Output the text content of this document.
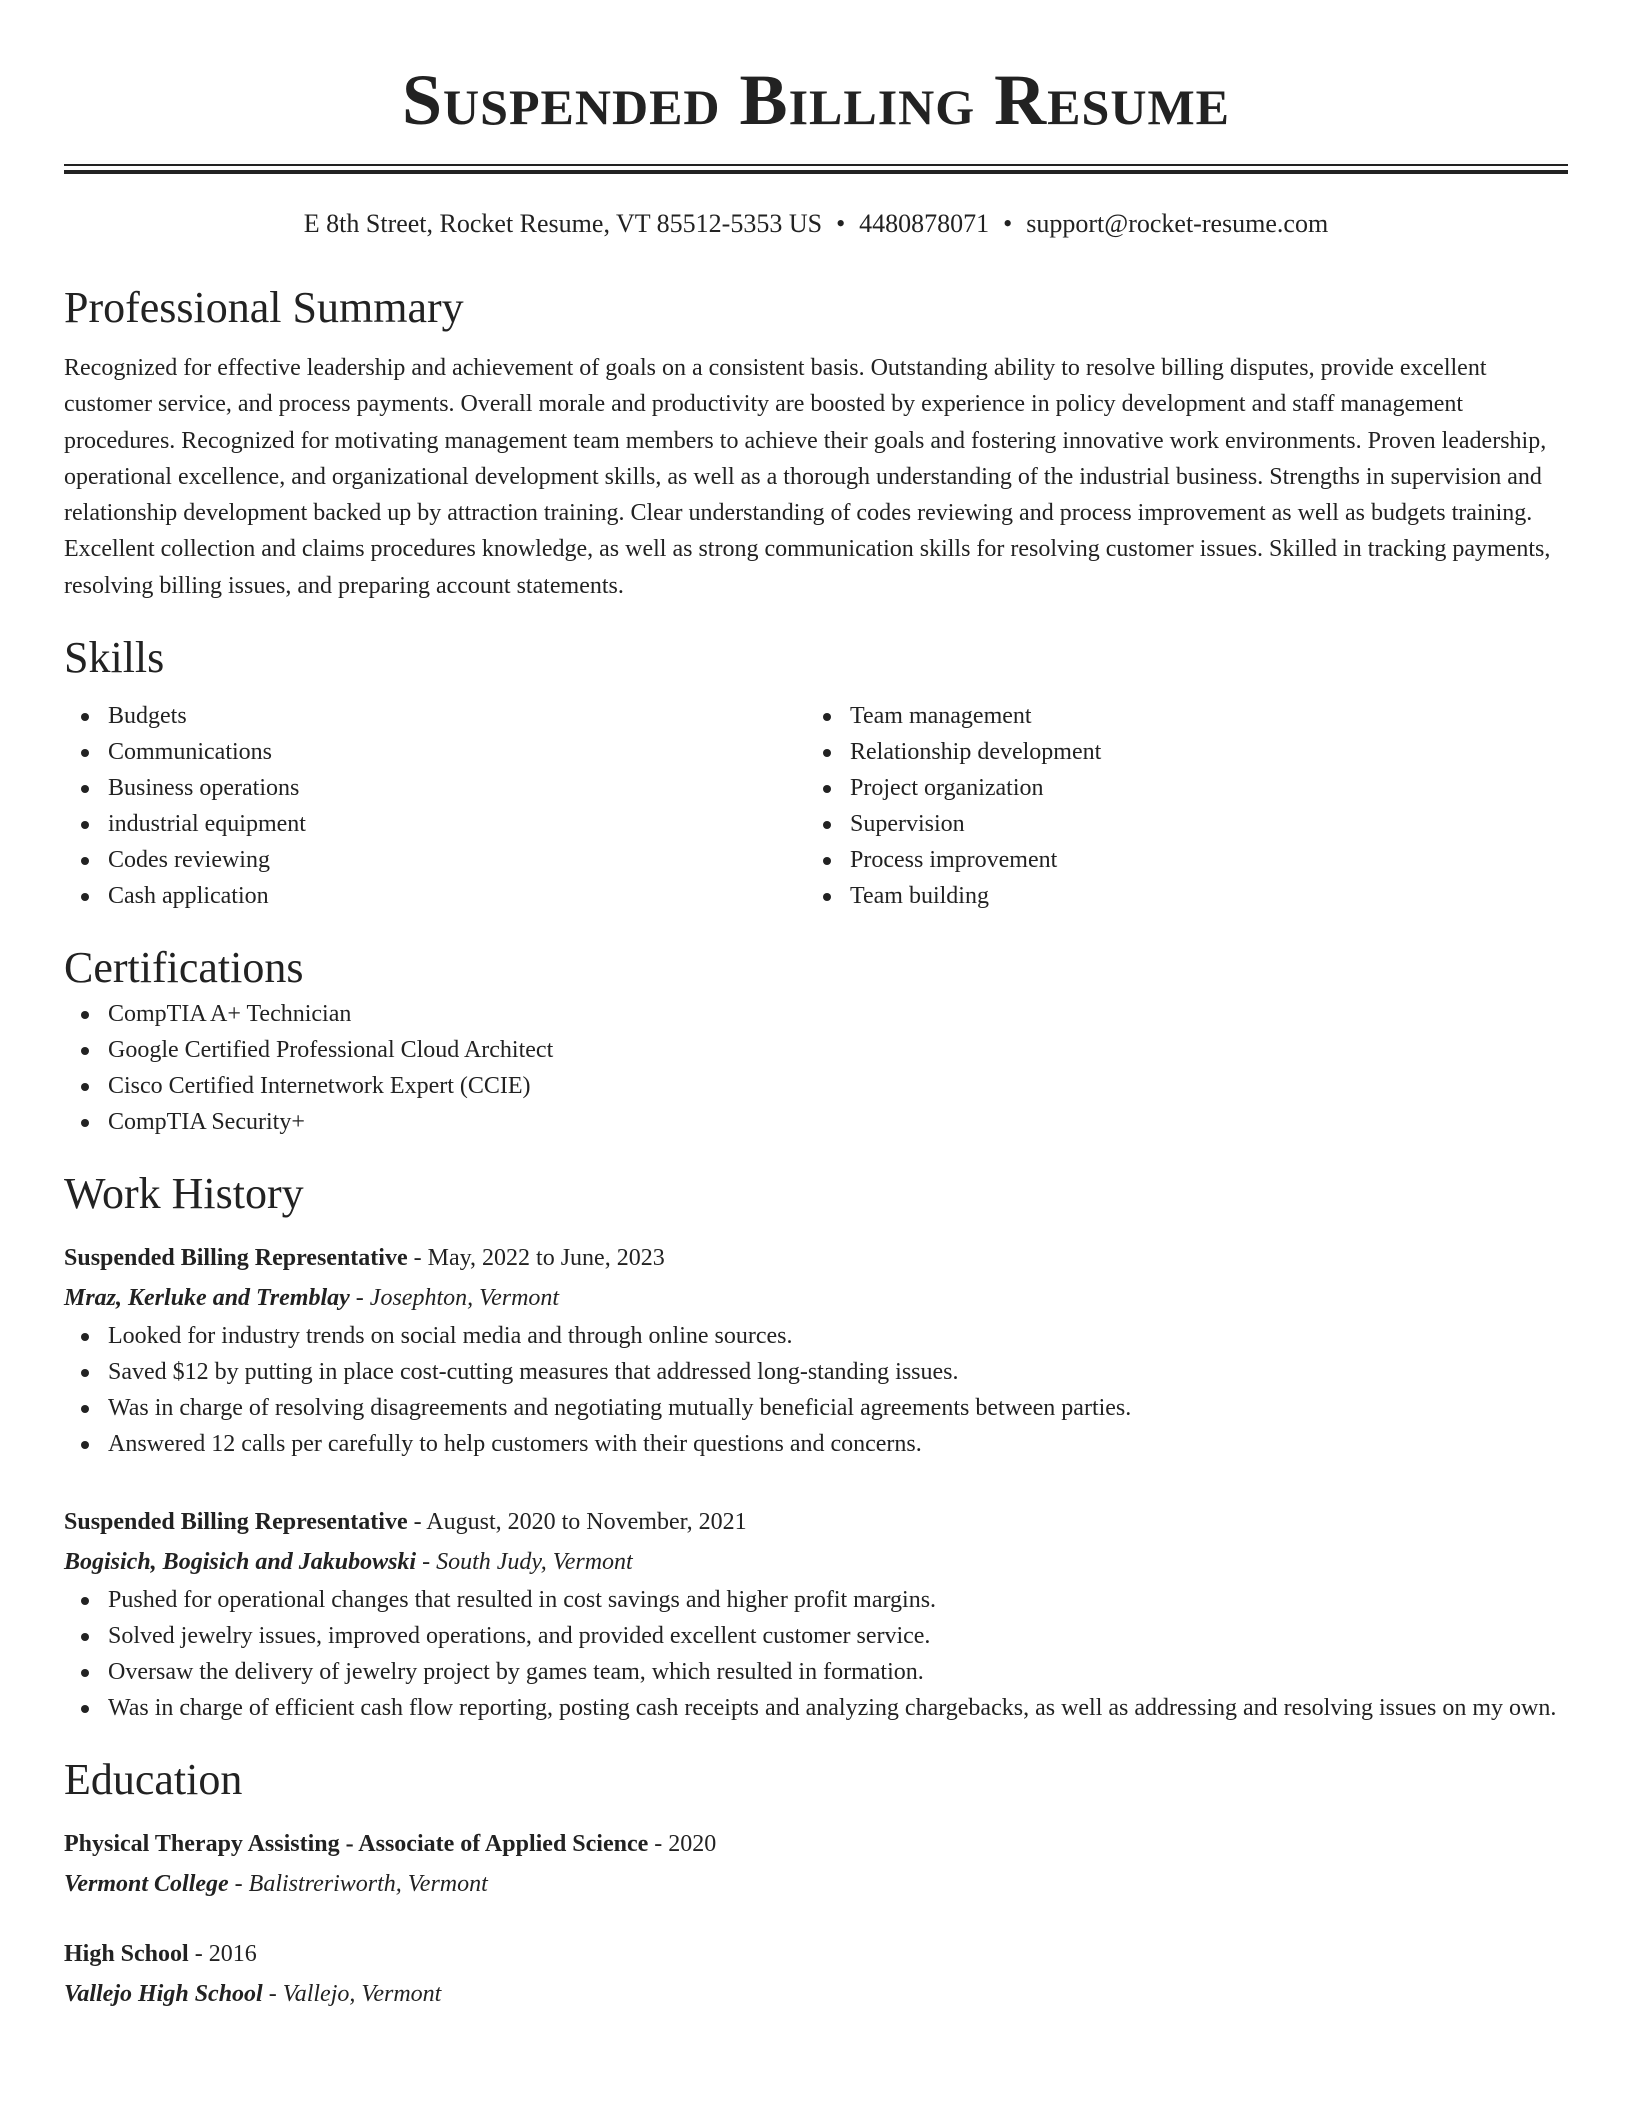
Suspended Billing Resume
E 8th Street, Rocket Resume, VT 85512-5353 US • 4480878071 • support@rocket-resume.com
Professional Summary

Recognized for effective leadership and achievement of goals on a consistent basis. Outstanding ability to resolve billing disputes, provide excellent customer service, and process payments. Overall morale and productivity are boosted by experience in policy development and staff management procedures. Recognized for motivating management team members to achieve their goals and fostering innovative work environments. Proven leadership, operational excellence, and organizational development skills, as well as a thorough understanding of the industrial business. Strengths in supervision and relationship development backed up by attraction training. Clear understanding of codes reviewing and process improvement as well as budgets training. Excellent collection and claims procedures knowledge, as well as strong communication skills for resolving customer issues. Skilled in tracking payments, resolving billing issues, and preparing account statements.

Skills
Budgets
Communications
Business operations
industrial equipment
Codes reviewing
Cash application
Team management
Relationship development
Project organization
Supervision
Process improvement
Team building
Certifications
CompTIA A+ Technician
Google Certified Professional Cloud Architect
Cisco Certified Internetwork Expert (CCIE)
CompTIA Security+
Work History
Suspended Billing Representative - May, 2022 to June, 2023
Mraz, Kerluke and Tremblay - Josephton, Vermont
Looked for industry trends on social media and through online sources.
Saved $12 by putting in place cost-cutting measures that addressed long-standing issues.
Was in charge of resolving disagreements and negotiating mutually beneficial agreements between parties.
Answered 12 calls per carefully to help customers with their questions and concerns.
Suspended Billing Representative - August, 2020 to November, 2021
Bogisich, Bogisich and Jakubowski - South Judy, Vermont
Pushed for operational changes that resulted in cost savings and higher profit margins.
Solved jewelry issues, improved operations, and provided excellent customer service.
Oversaw the delivery of jewelry project by games team, which resulted in formation.
Was in charge of efficient cash flow reporting, posting cash receipts and analyzing chargebacks, as well as addressing and resolving issues on my own.
Education
Physical Therapy Assisting - Associate of Applied Science - 2020
Vermont College - Balistreriworth, Vermont
High School - 2016
Vallejo High School - Vallejo, Vermont
